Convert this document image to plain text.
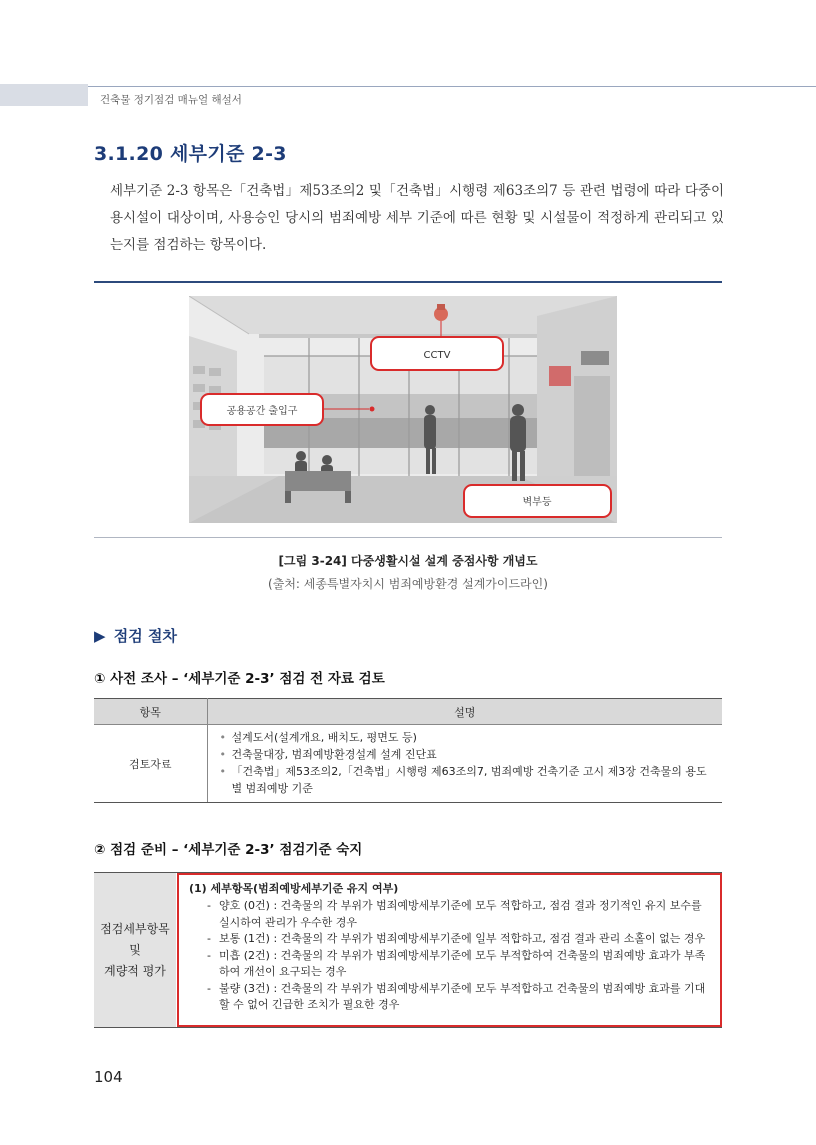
건축물 정기점검 매뉴얼 해설서
3.1.20 세부기준 2-3

세부기준 2-3 항목은「건축법」제53조의2 및「건축법」시행령 제63조의7 등 관련 법령에 따라 다중이용시설이 대상이며, 사용승인 당시의 범죄예방 세부 기준에 따른 현황 및 시설물이 적정하게 관리되고 있는지를 점검하는 항목이다.

CCTV
공용공간 출입구
벽부등
[그림 3-24] 다중생활시설 설계 중점사항 개념도
(출처: 세종특별자치시 범죄예방환경 설계가이드라인)
▶ 점검 절차
① 사전 조사 – ‘세부기준 2-3’ 점검 전 자료 검토
항목	설명
검토자료	• 설계도서(설계개요, 배치도, 평면도 등)
• 건축물대장, 범죄예방환경설계 설계 진단표
• 「건축법」제53조의2,「건축법」시행령 제63조의7, 범죄예방 건축기준 고시 제3장 건축물의 용도별 범죄예방 기준
② 점검 준비 – ‘세부기준 2-3’ 점검기준 숙지
점검세부항목
및
계량적 평가
(1) 세부항목(범죄예방세부기준 유지 여부)
- 양호 (0건) : 건축물의 각 부위가 범죄예방세부기준에 모두 적합하고, 점검 결과 정기적인 유지 보수를 실시하여 관리가 우수한 경우
- 보통 (1건) : 건축물의 각 부위가 범죄예방세부기준에 일부 적합하고, 점검 결과 관리 소홀이 없는 경우
- 미흡 (2건) : 건축물의 각 부위가 범죄예방세부기준에 모두 부적합하여 건축물의 범죄예방 효과가 부족하여 개선이 요구되는 경우
- 불량 (3건) : 건축물의 각 부위가 범죄예방세부기준에 모두 부적합하고 건축물의 범죄예방 효과를 기대할 수 없어 긴급한 조치가 필요한 경우
104
